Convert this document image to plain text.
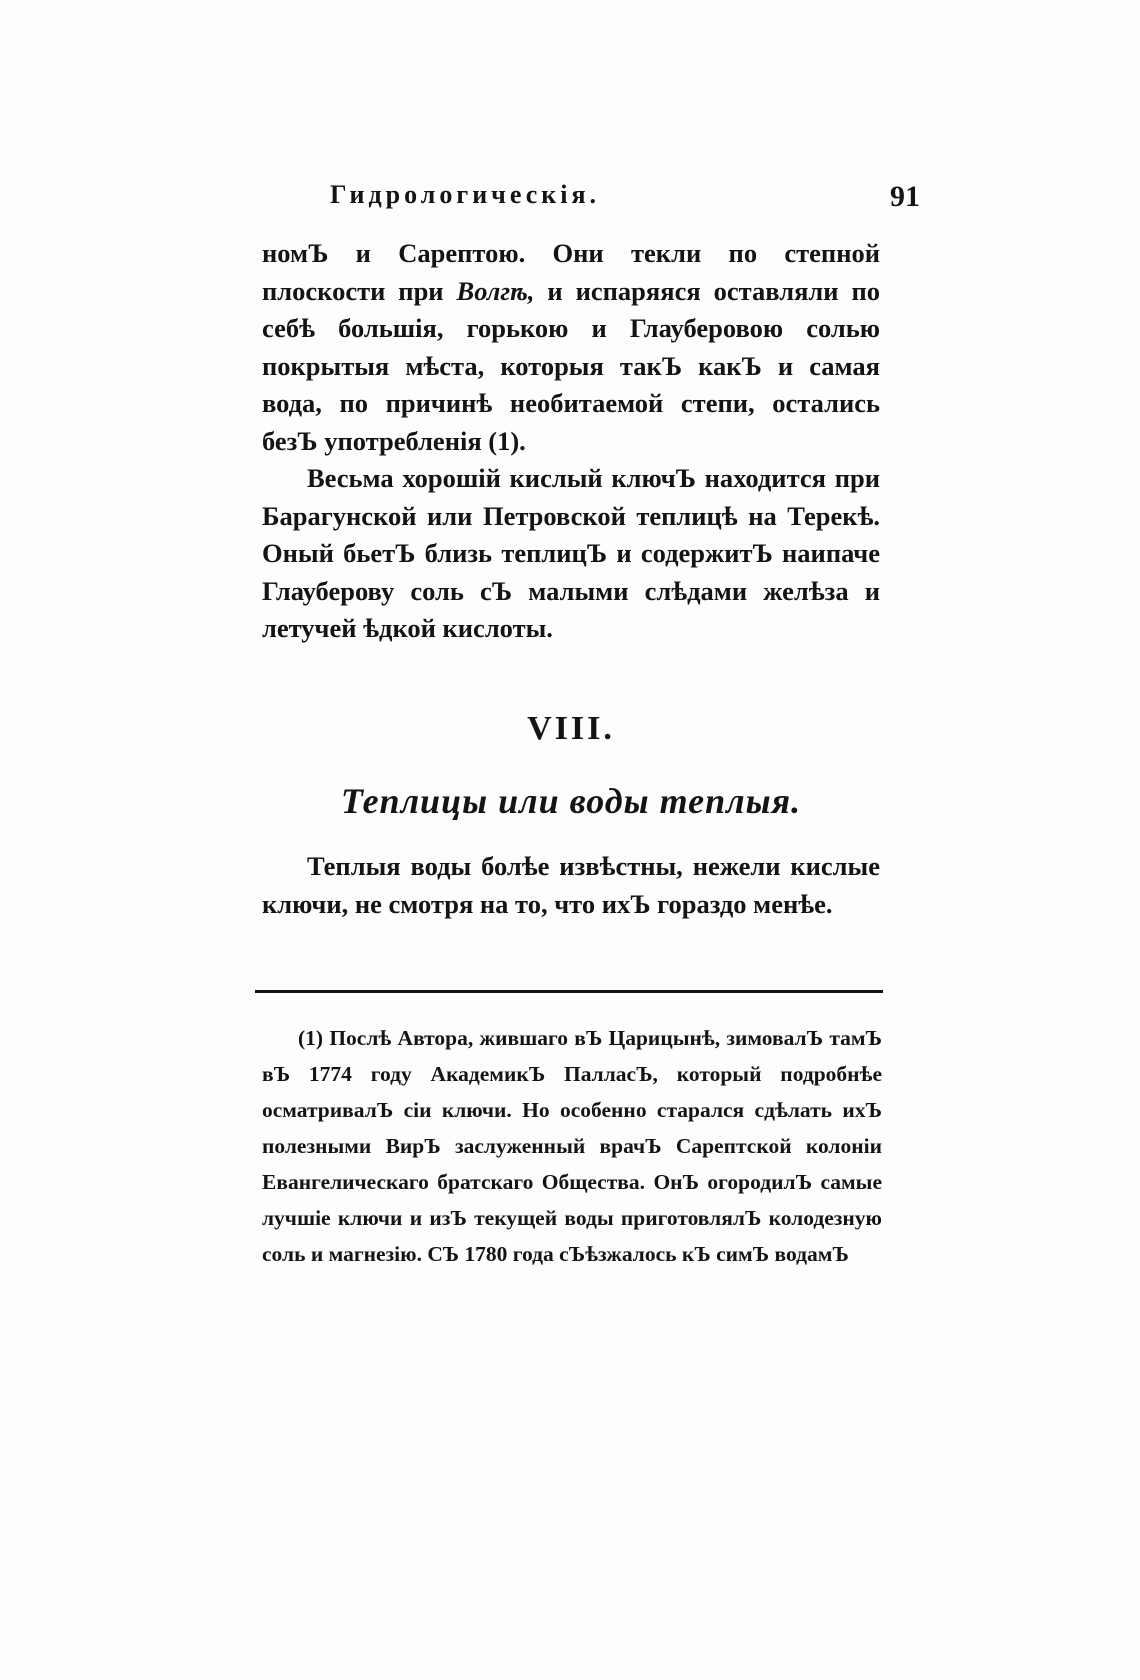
Гидрологическія.	91
номЪ и Сарептою. Они текли по степной плоскости при Волгѣ, и испаряяся оставляли по себѣ большія, горькою и Глауберовою солью покрытыя мѣста, которыя такЪ какЪ и самая вода, по причинѣ необитаемой степи, остались безЪ употребленія (1).
Весьма хорошій кислый ключЪ находится при Барагунской или Петровской теплицѣ на Терекѣ. Оный бьетЪ близь теплицЪ и содержитЪ наипаче Глауберову соль сЪ малыми слѣдами желѣза и летучей ѣдкой кислоты.
VIII.
Теплицы или воды теплыя.
Теплыя воды болѣе извѣстны, нежели кислые ключи, не смотря на то, что ихЪ гораздо менѣе.
(1) Послѣ Автора, жившаго вЪ Царицынѣ, зимовалЪ тамЪ вЪ 1774 году АкадемикЪ ПалласЪ, который подробнѣе осматривалЪ сіи ключи. Но особенно старался сдѣлать ихЪ полезными ВирЪ заслуженный врачЪ Сарептской колоніи Евангелическаго братскаго Общества. ОнЪ огородилЪ самые лучшіе ключи и изЪ текущей воды приготовлялЪ колодезную соль и магнезію. СЪ 1780 года сЪѣзжалось кЪ симЪ водамЪ
